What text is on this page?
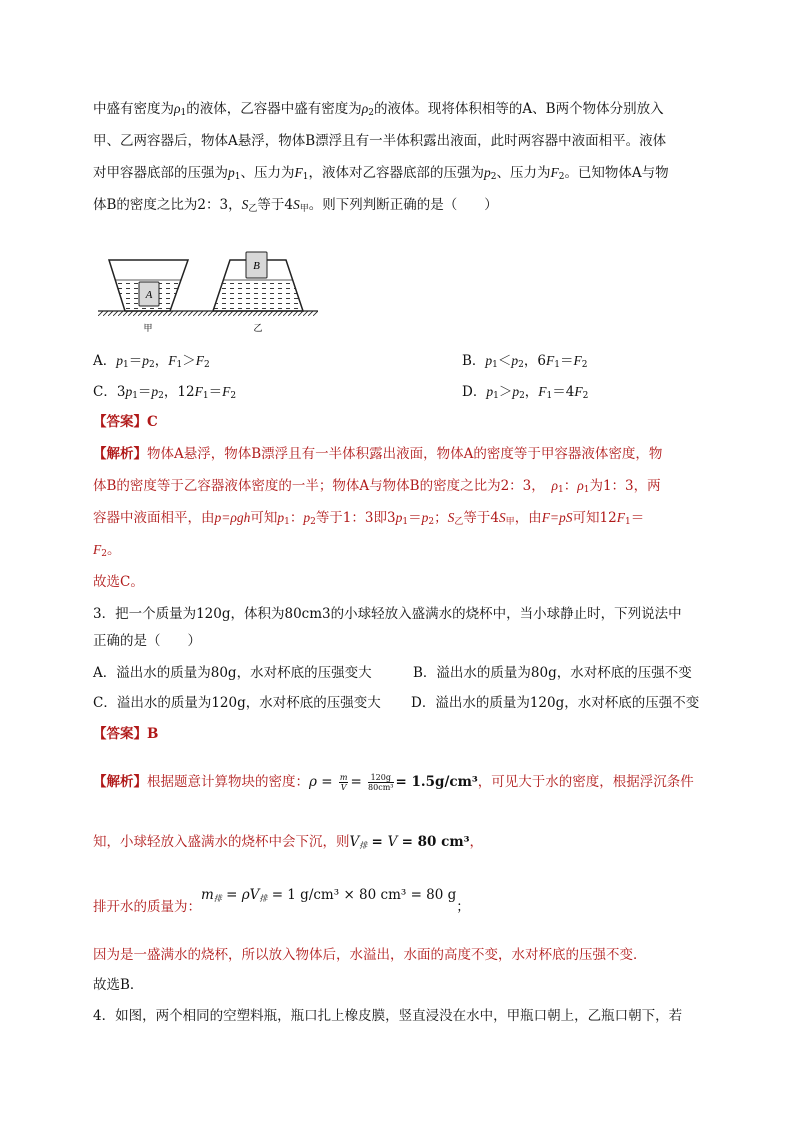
中盛有密度为$\rho_1$的液体，乙容器中盛有密度为$\rho_2$的液体。现将体积相等的A、B两个物体分别放入
甲、乙两容器后，物体A悬浮，物体B漂浮且有一半体积露出液面，此时两容器中液面相平。液体
对甲容器底部的压强为$p_1$、压力为$F_1$，液体对乙容器底部的压强为$p_2$、压力为$F_2$。已知物体A与物
体B的密度之比为2：3，$S_乙$等于$4S_甲$。则下列判断正确的是（　　）
A
B
甲	乙
A．$p_1=p_2$，$F_1>F_2$	B．$p_1<p_2$，$6F_1=F_2$
C．$3p_1=p_2$，$12F_1=F_2$	D．$p_1>p_2$，$F_1=4F_2$
【答案】C
【解析】物体A悬浮，物体B漂浮且有一半体积露出液面，物体A的密度等于甲容器液体密度，物
体B的密度等于乙容器液体密度的一半；物体A与物体B的密度之比为2：3，　 $\rho_1$：$\rho_1$为1：3，两
容器中液面相平，由p=ρgh可知$p_1$：$p_2$等于1：3即$3p_1=p_2$；$S_乙$等于$4S_甲$，由F=pS可知$12F_1=$
$F_2$。
故选C。
3．把一个质量为120g，体积为80cm3的小球轻放入盛满水的烧杯中，当小球静止时，下列说法中
正确的是（　　）
A．溢出水的质量为80g，水对杯底的压强变大	B．溢出水的质量为80g，水对杯底的压强不变
C．溢出水的质量为120g，水对杯底的压强变大 D．溢出水的质量为120g，水对杯底的压强不变
【答案】B
【解析】根据题意计算物块的密度：$\rho = \frac{m}{V} = \frac{120g}{\text{80cm³}} = 1.5g/cm^3$，可见大于水的密度，根据浮沉条件
知，小球轻放入盛满水的烧杯中会下沉，则$V_排 = V = 80$ cm³，
排开水的质量为：$m_排 = \rho V_排 = 1$ g/cm³ × 80 cm³ = 80 g；
因为是一盛满水的烧杯，所以放入物体后，水溢出，水面的高度不变，水对杯底的压强不变．
故选B．
4．如图，两个相同的空塑料瓶，瓶口扎上橡皮膜，竖直浸没在水中，甲瓶口朝上，乙瓶口朝下，若
